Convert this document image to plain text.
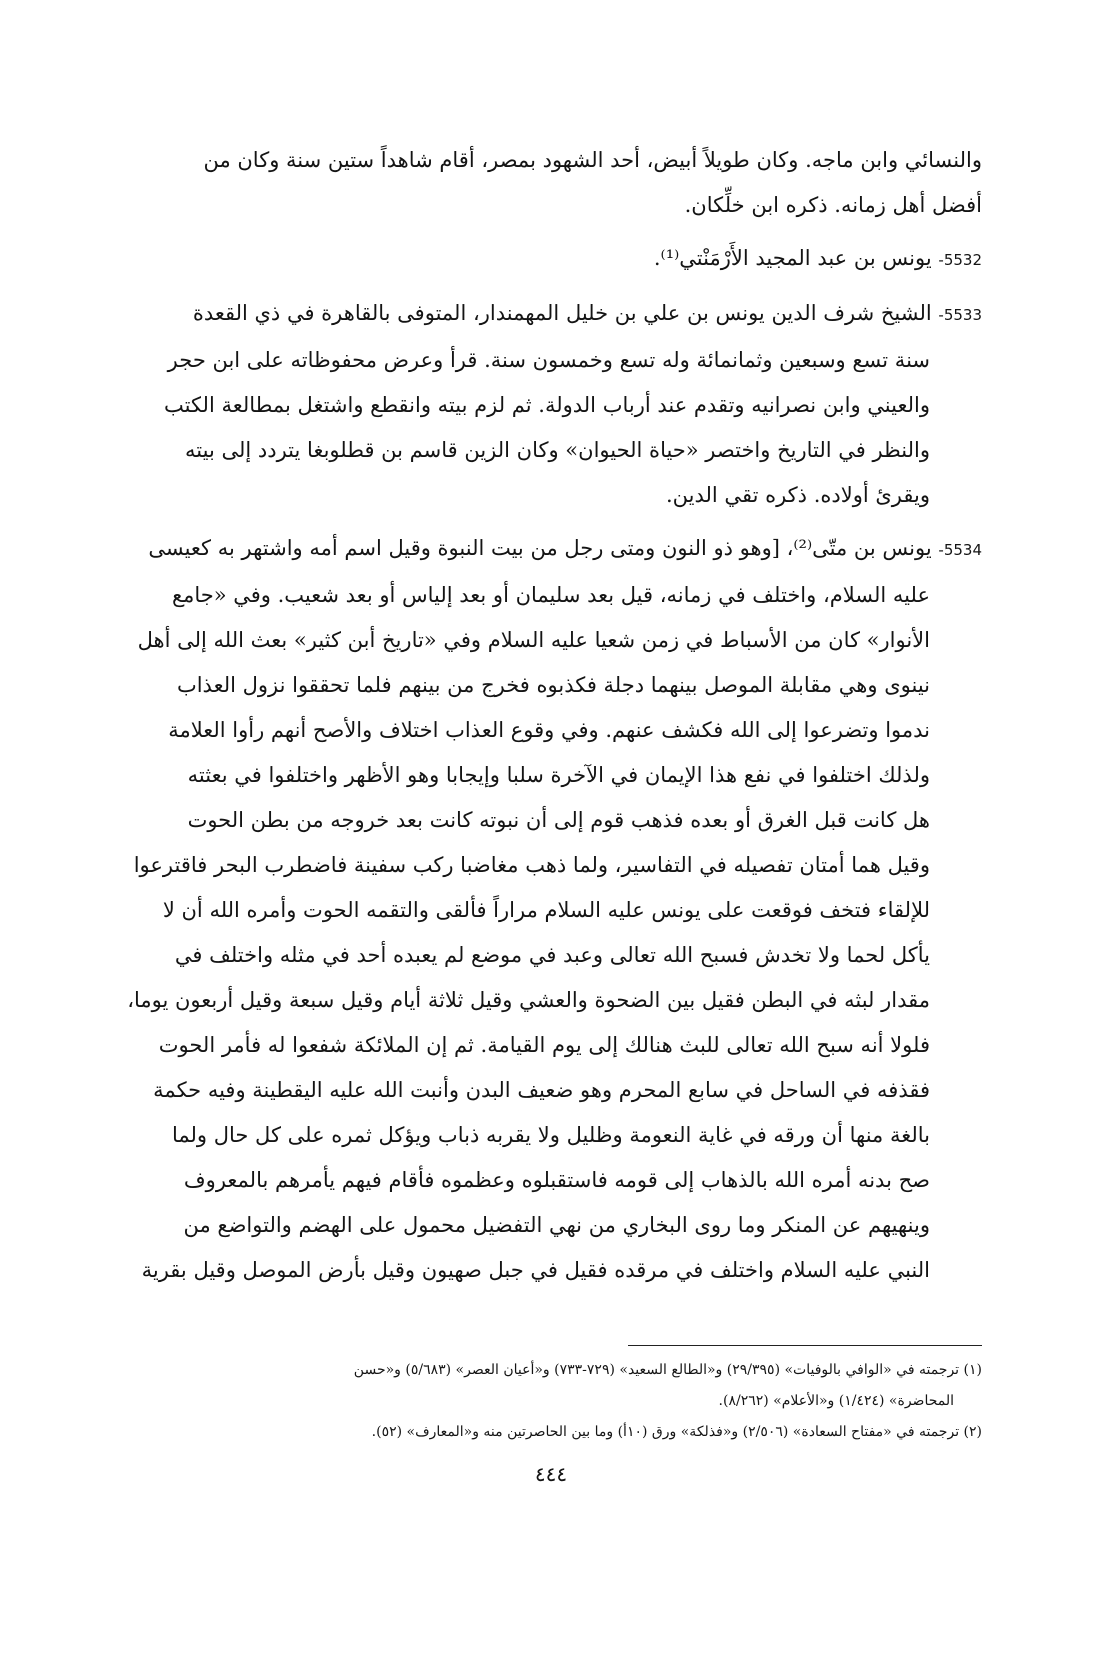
والنسائي وابن ماجه. وكان طويلاً أبيض، أحد الشهود بمصر، أقام شاهداً ستين سنة وكان من
أفضل أهل زمانه. ذكره ابن خلِّكان.
5532- يونس بن عبد المجيد الأَرْمَنْتي⁽¹⁾.
5533- الشيخ شرف الدين يونس بن علي بن خليل المهمندار، المتوفى بالقاهرة في ذي القعدة
سنة تسع وسبعين وثمانمائة وله تسع وخمسون سنة. قرأ وعرض محفوظاته على ابن حجر
والعيني وابن نصرانيه وتقدم عند أرباب الدولة. ثم لزم بيته وانقطع واشتغل بمطالعة الكتب
والنظر في التاريخ واختصر «حياة الحيوان» وكان الزين قاسم بن قطلوبغا يتردد إلى بيته
ويقرئ أولاده. ذكره تقي الدين.
5534- يونس بن متّى⁽²⁾، [وهو ذو النون ومتى رجل من بيت النبوة وقيل اسم أمه واشتهر به كعيسى
عليه السلام، واختلف في زمانه، قيل بعد سليمان أو بعد إلياس أو بعد شعيب. وفي «جامع
الأنوار» كان من الأسباط في زمن شعيا عليه السلام وفي «تاريخ أبن كثير» بعث الله إلى أهل
نينوى وهي مقابلة الموصل بينهما دجلة فكذبوه فخرج من بينهم فلما تحققوا نزول العذاب
ندموا وتضرعوا إلى الله فكشف عنهم. وفي وقوع العذاب اختلاف والأصح أنهم رأوا العلامة
ولذلك اختلفوا في نفع هذا الإيمان في الآخرة سلبا وإيجابا وهو الأظهر واختلفوا في بعثته
هل كانت قبل الغرق أو بعده فذهب قوم إلى أن نبوته كانت بعد خروجه من بطن الحوت
وقيل هما أمتان تفصيله في التفاسير، ولما ذهب مغاضبا ركب سفينة فاضطرب البحر فاقترعوا
للإلقاء فتخف فوقعت على يونس عليه السلام مراراً فألقى والتقمه الحوت وأمره الله أن لا
يأكل لحما ولا تخدش فسبح الله تعالى وعبد في موضع لم يعبده أحد في مثله واختلف في
مقدار لبثه في البطن فقيل بين الضحوة والعشي وقيل ثلاثة أيام وقيل سبعة وقيل أربعون يوما،
فلولا أنه سبح الله تعالى للبث هنالك إلى يوم القيامة. ثم إن الملائكة شفعوا له فأمر الحوت
فقذفه في الساحل في سابع المحرم وهو ضعيف البدن وأنبت الله عليه اليقطينة وفيه حكمة
بالغة منها أن ورقه في غاية النعومة وظليل ولا يقربه ذباب ويؤكل ثمره على كل حال ولما
صح بدنه أمره الله بالذهاب إلى قومه فاستقبلوه وعظموه فأقام فيهم يأمرهم بالمعروف
وينهيهم عن المنكر وما روى البخاري من نهي التفضيل محمول على الهضم والتواضع من
النبي عليه السلام واختلف في مرقده فقيل في جبل صهيون وقيل بأرض الموصل وقيل بقرية
(١) ترجمته في «الوافي بالوفيات» (٢٩/٣٩٥) و«الطالع السعيد» (٧٢٩-٧٣٣) و«أعيان العصر» (٥/٦٨٣) و«حسن
المحاضرة» (١/٤٢٤) و«الأعلام» (٨/٢٦٢).
(٢) ترجمته في «مفتاح السعادة» (٢/٥٠٦) و«فذلكة» ورق (١٠أ) وما بين الحاصرتين منه و«المعارف» (٥٢).
٤٤٤
